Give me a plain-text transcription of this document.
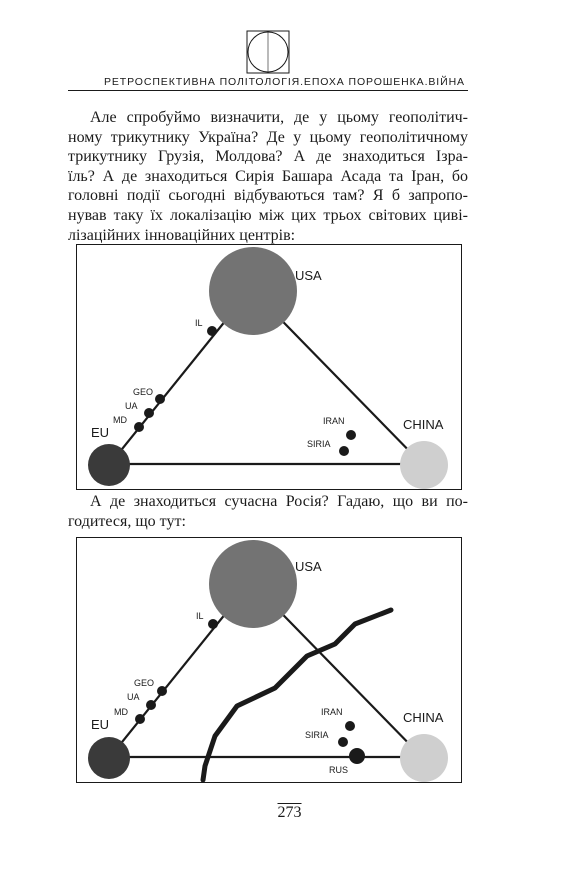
РЕТРОСПЕКТИВНА ПОЛІТОЛОГІЯ.ЕПОХА ПОРОШЕНКА.ВІЙНА
Але спробуймо визначити, де у цьому геополітич-
ному трикутнику Україна? Де у цьому геополітичному
трикутнику Грузія, Молдова? А де знаходиться Ізра-
їль? А де знаходиться Сирія Башара Асада та Іран, бо
головні події сьогодні відбуваються там? Я б запропо-
нував таку їх локалізацію між цих трьох світових циві-
лізаційних інноваційних центрів:
USA
CHINA
EU
IL
GEO
UA
MD	IRAN
SIRIA
А де знаходиться сучасна Росія? Гадаю, що ви по-
годитеся, що тут:
USA
CHINA
EU
IL
GEO
UA
MD	IRAN
SIRIA
RUS
273
